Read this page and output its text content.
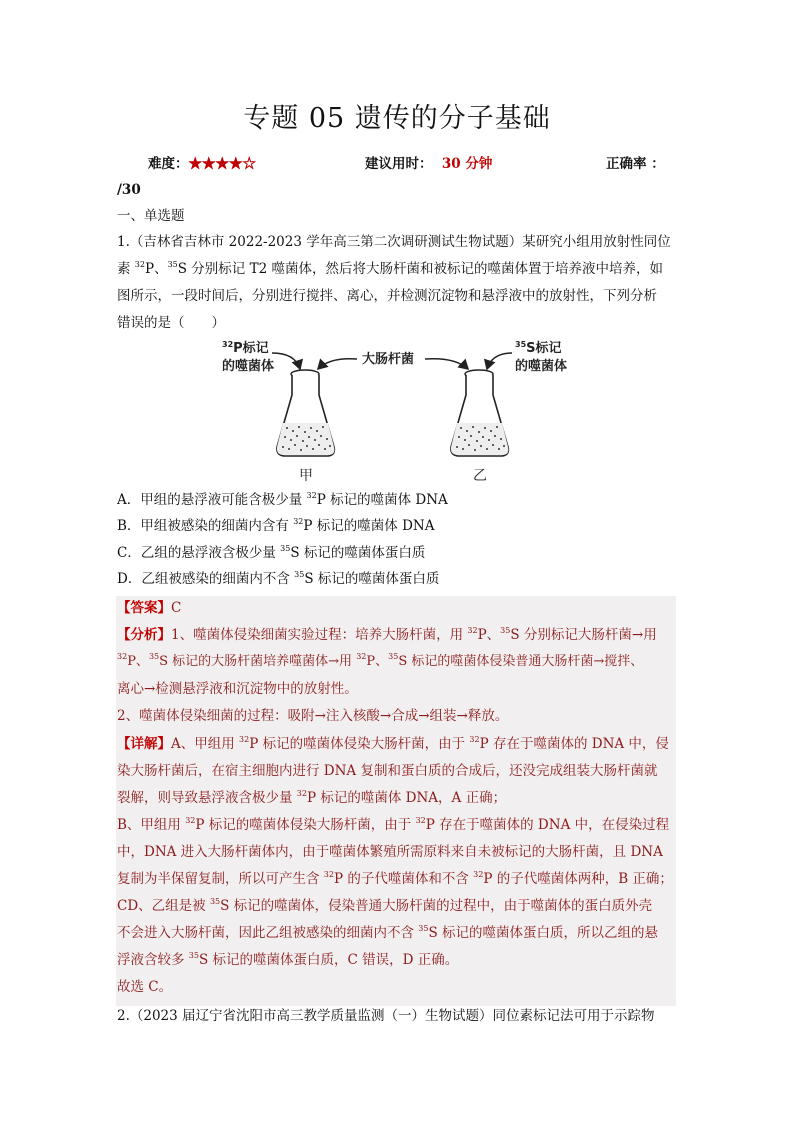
专题 05 遗传的分子基础
难度：★★★★☆	建议用时： 30 分钟	正确率 ：
/30
一、单选题
1.（吉林省吉林市 2022-2023 学年高三第二次调研测试生物试题）某研究小组用放射性同位
素 $^{32}$P、$^{35}$S 分别标记 T2 噬菌体，然后将大肠杆菌和被标记的噬菌体置于培养液中培养，如
图所示，一段时间后，分别进行搅拌、离心，并检测沉淀物和悬浮液中的放射性，下列分析
错误的是（　　）
$^{32}$P标记
的噬菌体	大肠杆菌
$^{35}$S标记
的噬菌体
甲	乙
A．甲组的悬浮液可能含极少量 $^{32}$P 标记的噬菌体 DNA
B．甲组被感染的细菌内含有 $^{32}$P 标记的噬菌体 DNA
C．乙组的悬浮液含极少量 $^{35}$S 标记的噬菌体蛋白质
D．乙组被感染的细菌内不含 $^{35}$S 标记的噬菌体蛋白质
【答案】C
【分析】1、噬菌体侵染细菌实验过程：培养大肠杆菌，用 $^{32}$P、$^{35}$S 分别标记大肠杆菌→用
$^{32}$P、$^{35}$S 标记的大肠杆菌培养噬菌体→用 $^{32}$P、$^{35}$S 标记的噬菌体侵染普通大肠杆菌→搅拌、
离心→检测悬浮液和沉淀物中的放射性。
2、噬菌体侵染细菌的过程：吸附→注入核酸→合成→组装→释放。
【详解】A、甲组用 $^{32}$P 标记的噬菌体侵染大肠杆菌，由于 $^{32}$P 存在于噬菌体的 DNA 中，侵
染大肠杆菌后，在宿主细胞内进行 DNA 复制和蛋白质的合成后，还没完成组装大肠杆菌就
裂解，则导致悬浮液含极少量 $^{32}$P 标记的噬菌体 DNA，A 正确；
B、甲组用 $^{32}$P 标记的噬菌体侵染大肠杆菌，由于 $^{32}$P 存在于噬菌体的 DNA 中，在侵染过程
中，DNA 进入大肠杆菌体内，由于噬菌体繁殖所需原料来自未被标记的大肠杆菌，且 DNA
复制为半保留复制，所以可产生含 $^{32}$P 的子代噬菌体和不含 $^{32}$P 的子代噬菌体两种，B 正确；
CD、乙组是被 $^{35}$S 标记的噬菌体，侵染普通大肠杆菌的过程中，由于噬菌体的蛋白质外壳
不会进入大肠杆菌，因此乙组被感染的细菌内不含 $^{35}$S 标记的噬菌体蛋白质，所以乙组的悬
浮液含较多 $^{35}$S 标记的噬菌体蛋白质，C 错误，D 正确。
故选 C。
2.（2023 届辽宁省沈阳市高三教学质量监测（一）生物试题）同位素标记法可用于示踪物
